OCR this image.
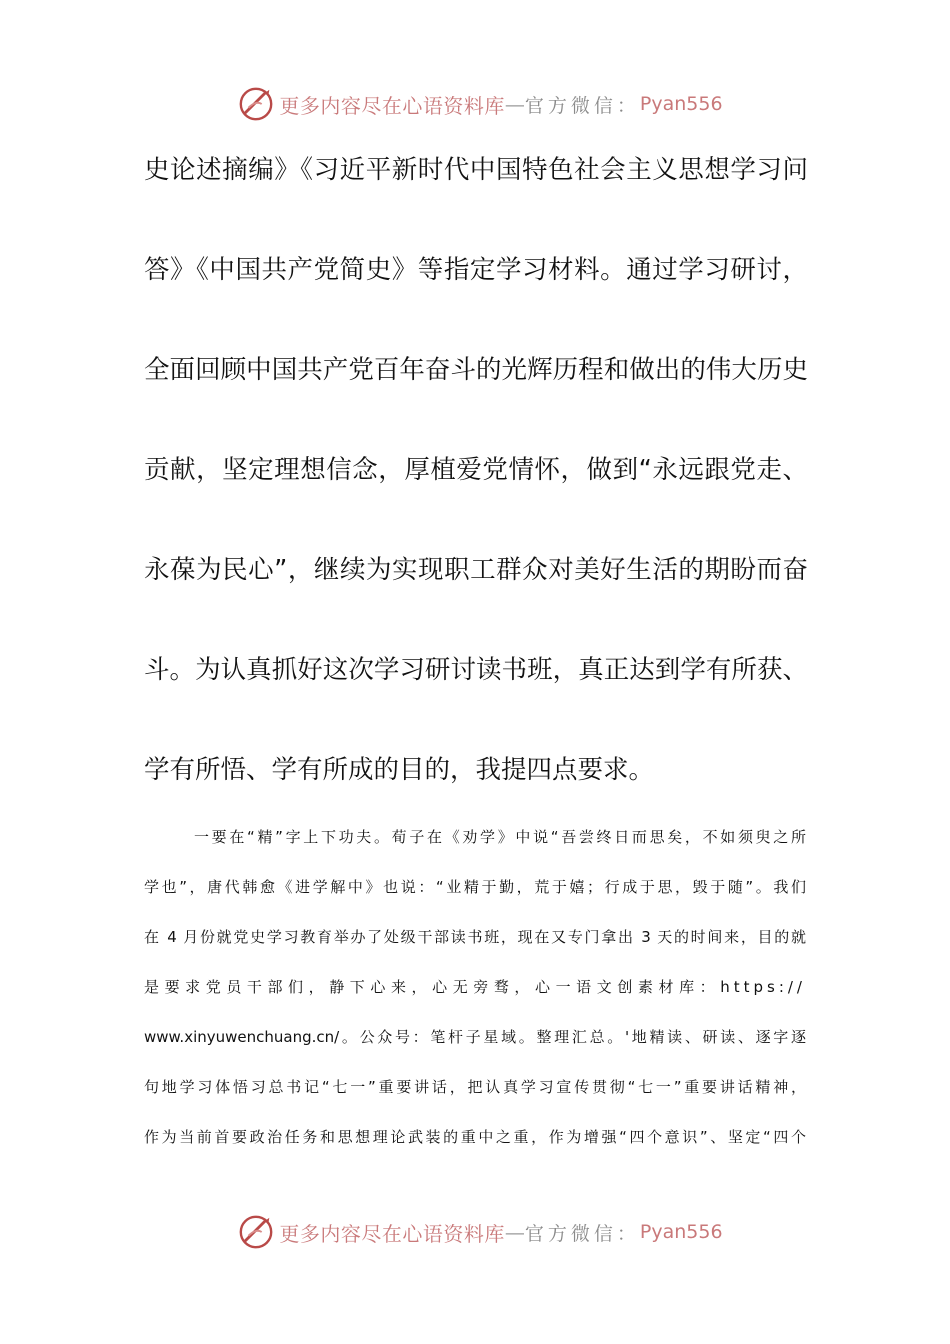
更多内容尽在心语资料库 — 官方微信： Pyan556
史论述摘编》《习近平新时代中国特色社会主义思想学习问
答》《中国共产党简史》等指定学习材料。通过学习研讨，
全面回顾中国共产党百年奋斗的光辉历程和做出的伟大历史
贡献，坚定理想信念，厚植爱党情怀，做到“永远跟党走、
永葆为民心”，继续为实现职工群众对美好生活的期盼而奋
斗。为认真抓好这次学习研讨读书班，真正达到学有所获、
学有所悟、学有所成的目的，我提四点要求。
一要在“精”字上下功夫。荀子在《劝学》中说“吾尝终日而思矣，不如须臾之所
学也”，唐代韩愈《进学解中》也说：“业精于勤，荒于嬉；行成于思，毁于随”。我们
在 4 月份就党史学习教育举办了处级干部读书班，现在又专门拿出 3 天的时间来，目的就
是要求党员干部们，静下心来，心无旁骛，心一语文创素材库：https://
www.xinyuwenchuang.cn/。公众号：笔杆子星域。整理汇总。'地精读、研读、逐字逐
句地学习体悟习总书记“七一”重要讲话，把认真学习宣传贯彻“七一”重要讲话精神，
作为当前首要政治任务和思想理论武装的重中之重，作为增强“四个意识”、坚定“四个
更多内容尽在心语资料库 — 官方微信： Pyan556
